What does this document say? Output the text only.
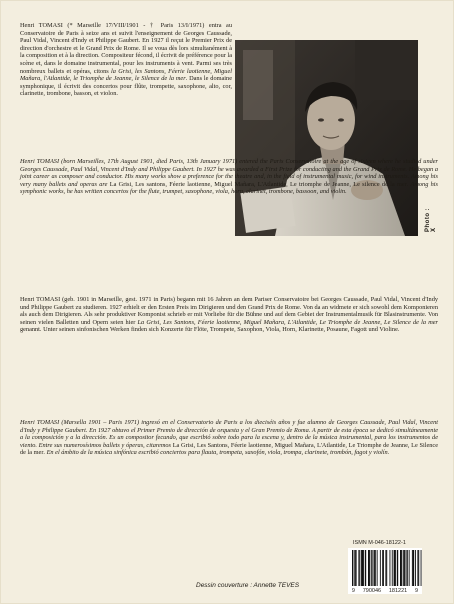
Henri TOMASI (* Marseille 17/VIII/1901 - † Paris 13/I/1971) entra au Conservatoire de Paris à seize ans et suivit l'enseignement de Georges Caussade, Paul Vidal, Vincent d'Indy et Philippe Gaubert. En 1927 il reçut le Premier Prix de direction d'orchestre et le Grand Prix de Rome. Il se voua dès lors simultanément à la composition et à la direction. Compositeur fécond, il écrivit de préférence pour la scène et, dans le domaine instrumental, pour les instruments à vent. Parmi ses très nombreux ballets et opéras, citons la Grisi, les Santons, Féerie laotienne, Miguel Mañara, l'Atlantide, le Triomphe de Jeanne, le Silence de la mer. Dans le domaine symphonique, il écrivit des concertos pour flûte, trompette, saxophone, alto, cor, clarinette, trombone, basson, et violon.

Photo : X

Henri TOMASI (born Marseilles, 17th August 1901, died Paris, 13th January 1971) entered the Paris Conservatoire at the age of sixteen where he studied under Georges Caussade, Paul Vidal, Vincent d'Indy and Philippe Gaubert. In 1927 he was awarded a First Prize for conducting and the Grand Prix de Rome. He began a joint career as composer and conductor. His many works show a preference for the theatre and, in the field of instrumental music, for wind instruments. Among his very many ballets and operas are La Grisi, Les santons, Féerie laotienne, Miguel Mañara, L'Atlantide, Le triomphe de Jeanne, Le silence de la mer. Among his symphonic works, he has written concertos for the flute, trumpet, saxophone, viola, horn, clarinet, trombone, bassoon, and violin.

Henri TOMASI (geb. 1901 in Marseille, gest. 1971 in Paris) begann mit 16 Jahren an dem Pariser Conservatoire bei Georges Caussade, Paul Vidal, Vincent d'Indy und Philippe Gaubert zu studieren. 1927 erhielt er den Ersten Preis im Dirigieren und den Grand Prix de Rome. Von da an widmete er sich sowohl dem Komponieren als auch dem Dirigieren. Als sehr produktiver Komponist schrieb er mit Vorliebe für die Bühne und auf dem Gebiet der Instrumentalmusik für Blasinstrumente. Von seinen vielen Balletten und Opern seien hier La Grisi, Les Santons, Féerie laotienne, Miguel Mañara, L'Atlantide, Le Triomphe de Jeanne, Le Silence de la mer genannt. Unter seinen sinfonischen Werken finden sich Konzerte für Flöte, Trompete, Saxophon, Viola, Horn, Klarinette, Posaune, Fagott und Violine.

Henri TOMASI (Marsella 1901 – Paris 1971) ingresó en el Conservatorio de Paris a los dieciséis años y fue alumno de Georges Caussade, Paul Vidal, Vincent d'Indy y Philippe Gaubert. En 1927 obtuvo el Primer Premio de dirección de orquesta y el Gran Premio de Roma. A partir de esta época se dedicó simultáneamente a la composición y a la dirección. Es un compositor fecundo, que escribió sobre todo para la escena y, dentro de la música instrumental, para los instrumentos de viento. Entre sus numerosísimos ballets y óperas, citaremos La Grisi, Les Santons, Féerie laotienne, Miguel Mañara, L'Atlantide, Le Triomphe de Jeanne, Le Silence de la mer. En el ámbito de la música sinfónica escribió conciertos para flauta, trompeta, saxofón, viola, trompa, clarinete, trombón, fagot y violín.

ISMN M-046-18122-1
9 790046 181221 9
Dessin couverture : Annette TEVES
